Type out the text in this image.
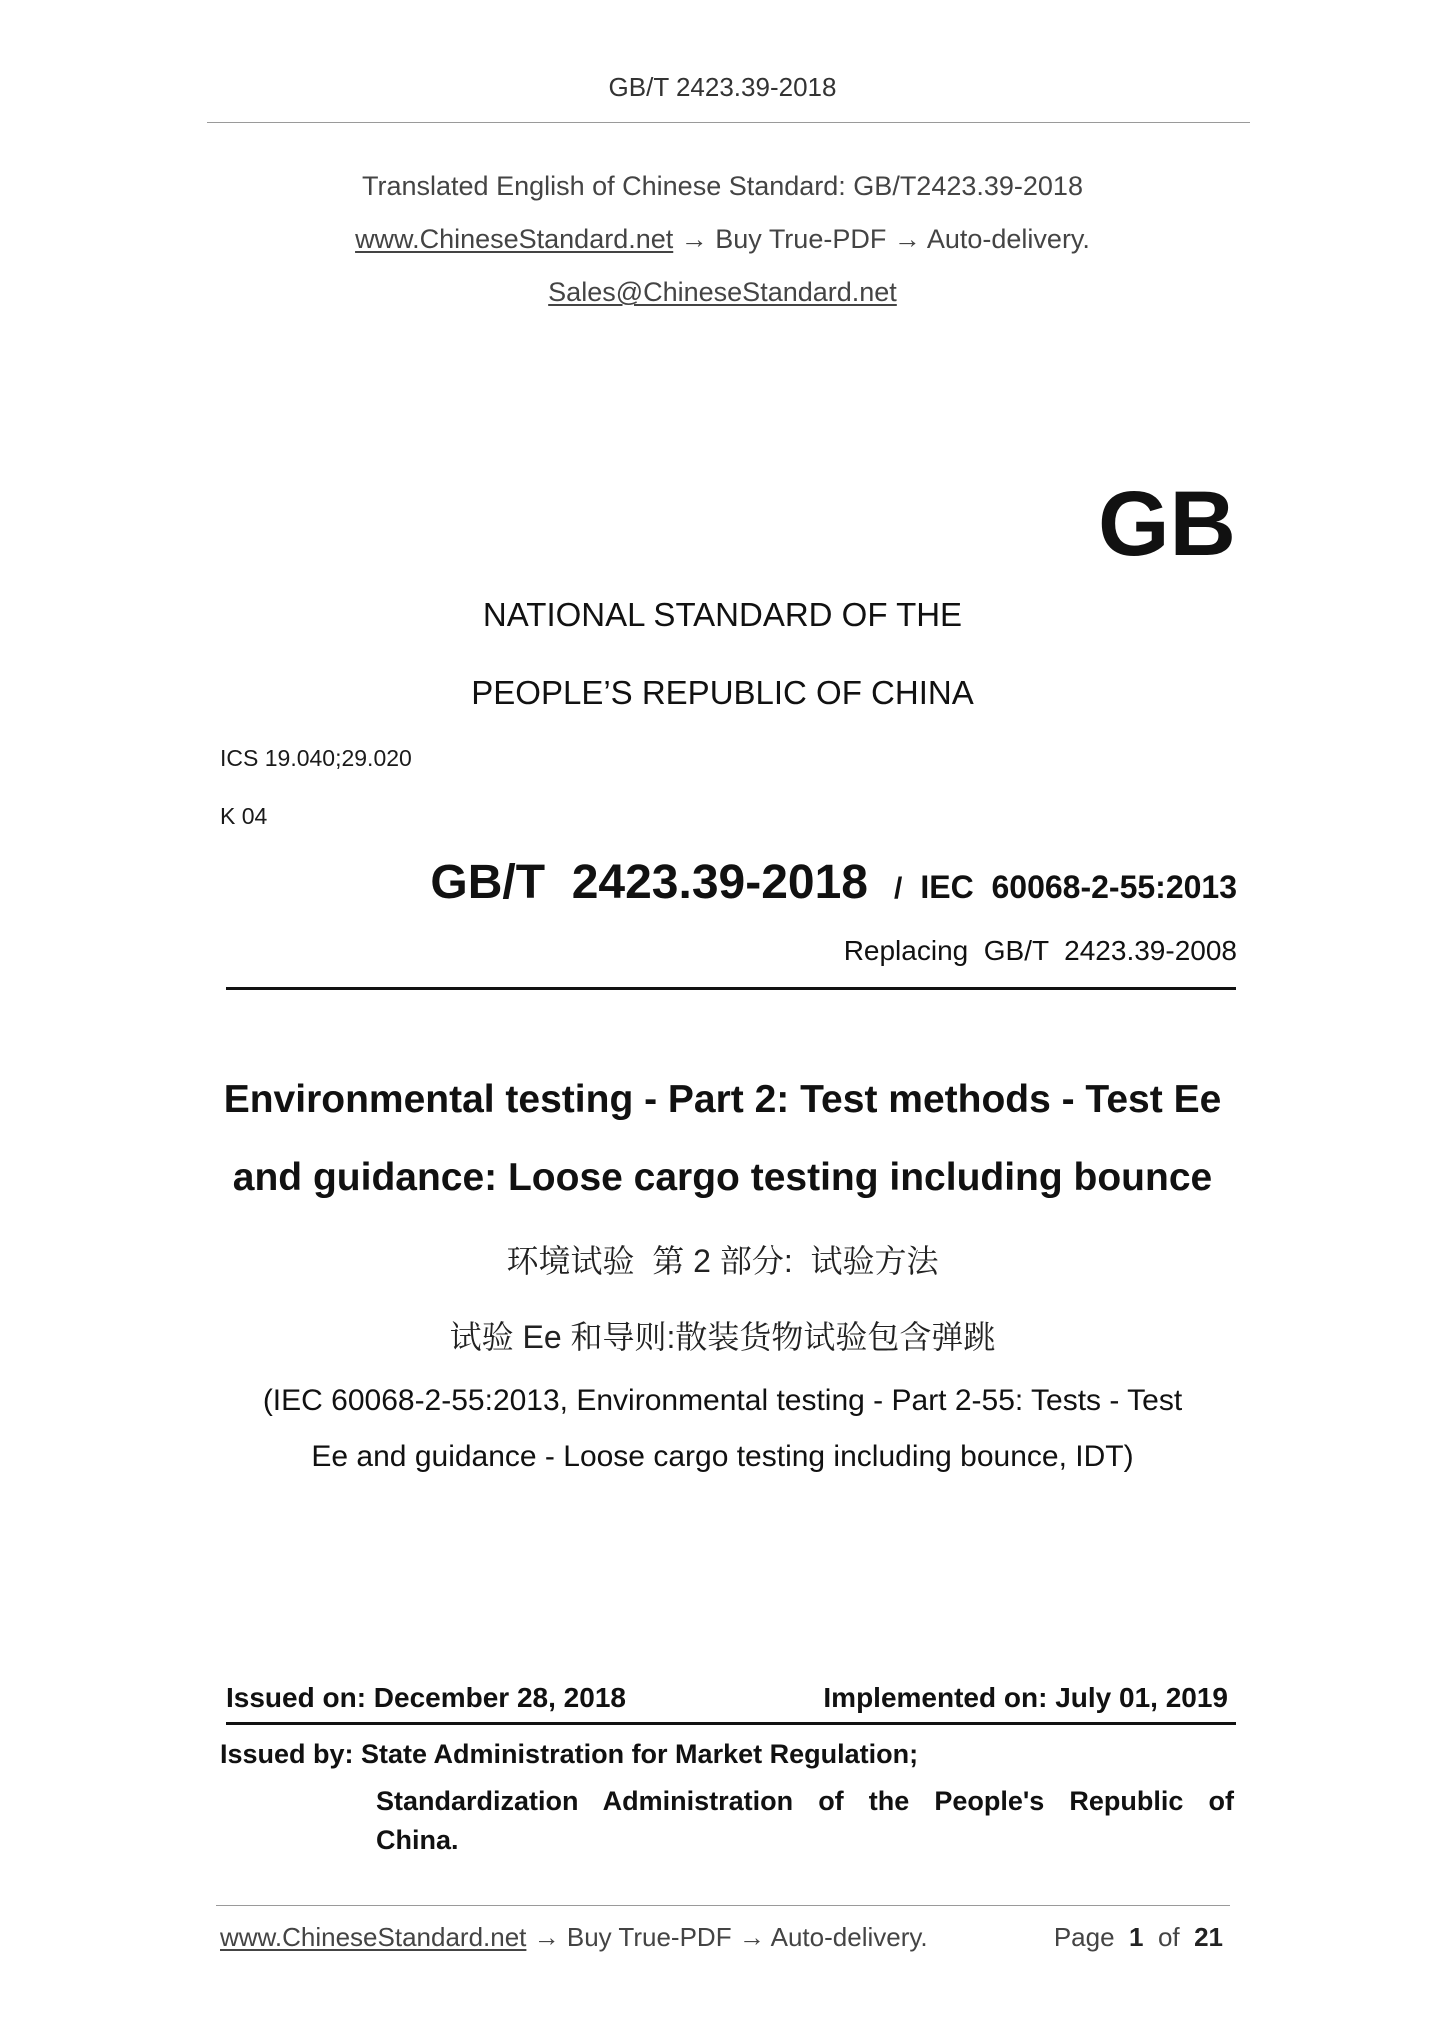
GB/T 2423.39-2018
Translated English of Chinese Standard: GB/T2423.39-2018
www.ChineseStandard.net → Buy True-PDF → Auto-delivery.
Sales@ChineseStandard.net
GB
NATIONAL STANDARD OF THE
PEOPLE’S REPUBLIC OF CHINA
ICS 19.040;29.020
K 04
GB/T  2423.39-2018 / IEC  60068-2-55:2013
Replacing  GB/T  2423.39-2008
Environmental testing - Part 2: Test methods - Test Ee
and guidance: Loose cargo testing including bounce
环境试验  第 2 部分:  试验方法
试验 Ee 和导则:散装货物试验包含弹跳
(IEC 60068-2-55:2013, Environmental testing - Part 2-55: Tests - Test
Ee and guidance - Loose cargo testing including bounce, IDT)
Issued on: December 28, 2018	Implemented on: July 01, 2019
Issued by: State Administration for Market Regulation;
Standardization Administration of the People's Republic of
China.
www.ChineseStandard.net → Buy True-PDF → Auto-delivery.	Page 1 of 21
